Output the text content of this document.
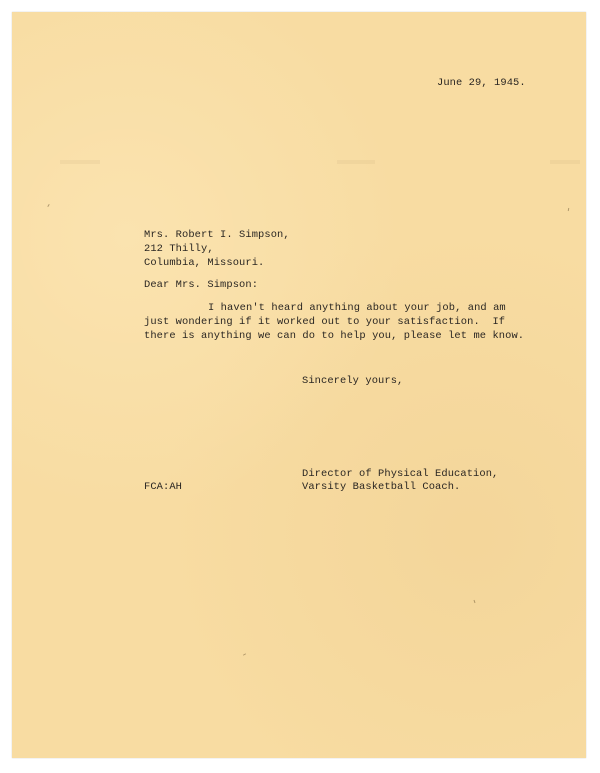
June 29, 1945.
Mrs. Robert I. Simpson,
212 Thilly,
Columbia, Missouri.
Dear Mrs. Simpson:
I haven't heard anything about your job, and am
just wondering if it worked out to your satisfaction.  If
there is anything we can do to help you, please let me know.
Sincerely yours,
Director of Physical Education,
FCA:AH	Varsity Basketball Coach.
